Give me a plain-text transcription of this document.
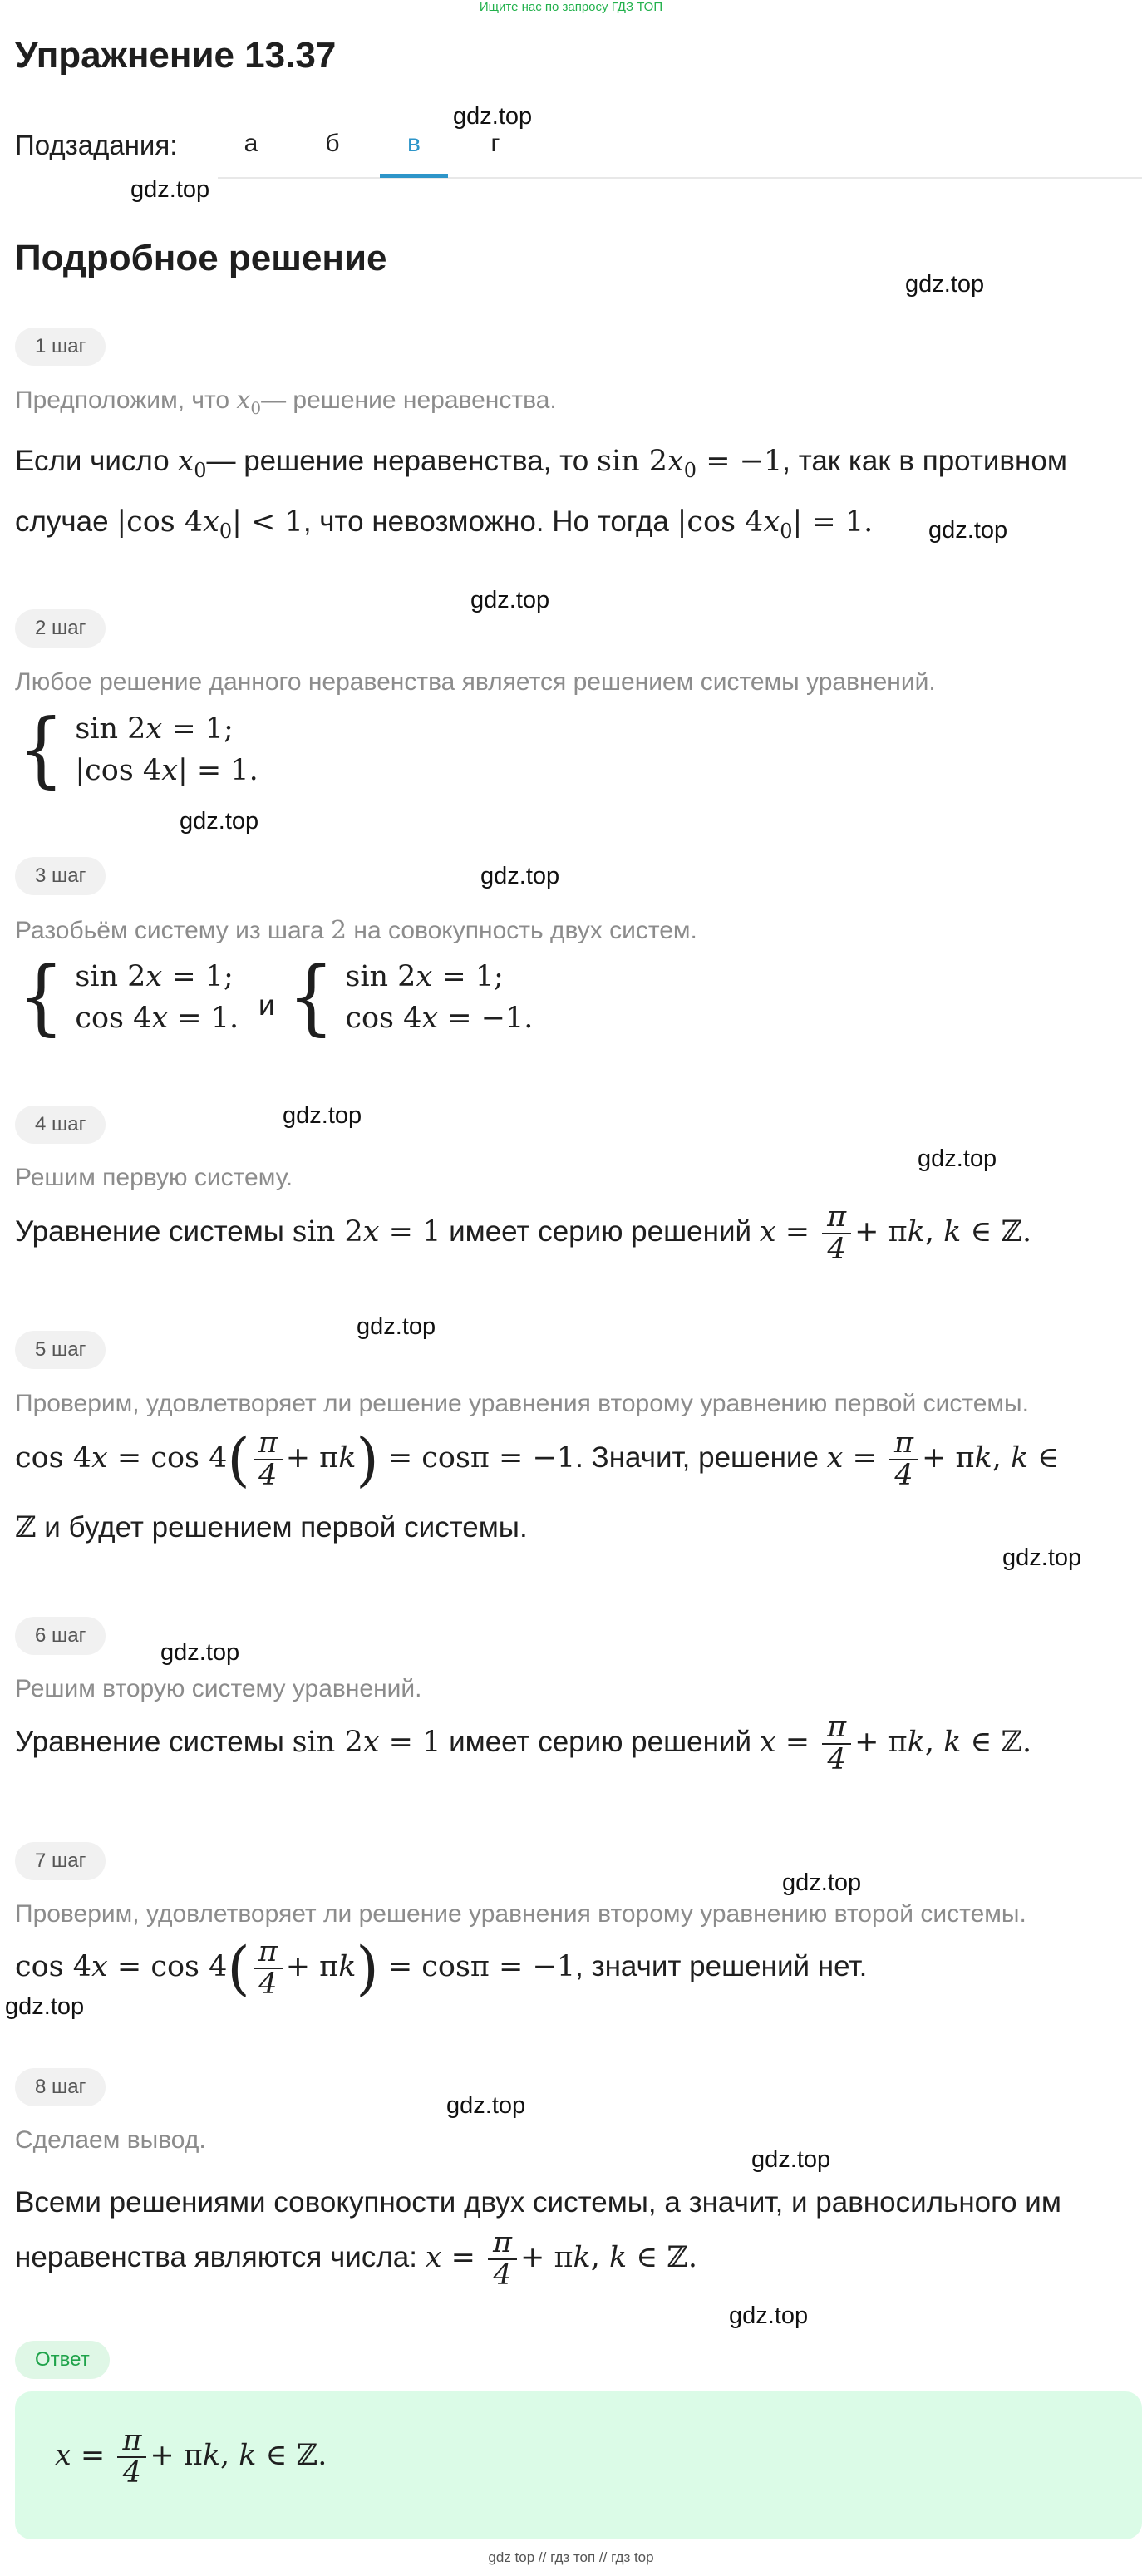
Ищите нас по запросу ГДЗ ТОП
Упражнение 13.37
Подзадания:	а	б	в	г
Подробное решение
gdz.top
gdz.top
gdz.top
gdz.top
gdz.top
gdz.top
gdz.top
gdz.top
gdz.top
gdz.top
gdz.top
gdz.top
gdz.top
gdz.top
gdz.top
gdz.top
gdz.top
1 шаг
Предположим, что $x_0—$ решение неравенства.
Если число $x_0—$ решение неравенства, то $\sin 2x_0 = -1$, так как в противном
случае |cos $4x_0| < 1$, что невозможно. Но тогда |cos $4x_0| = 1$.
2 шаг
Любое решение данного неравенства является решением системы уравнений.
{ sin 2x = 1;
|cos 4x| = 1.
3 шаг
Разобьём систему из шага 2 на совокупность двух систем.
{ sin 2x = 1;
cos 4x = 1. и { sin 2x = 1;
cos 4x = −1.
4 шаг
Решим первую систему.
Уравнение системы sin 2x = 1 имеет серию решений $x = \frac{\pi}{4} + \pi k$, k ∈ ℤ.
5 шаг
Проверим, удовлетворяет ли решение уравнения второму уравнению первой системы.
$\cos 4x = \cos 4( \frac{\pi}{4} + \pi k) = \cos\pi = -1$. Значит, решение $x = \frac{\pi}{4} + \pi k$, k ∈
ℤ и будет решением первой системы.
6 шаг
Решим вторую систему уравнений.
Уравнение системы sin 2x = 1 имеет серию решений $x = \frac{\pi}{4} + \pi k$, k ∈ ℤ.
7 шаг
Проверим, удовлетворяет ли решение уравнения второму уравнению второй системы.
$\cos 4x = \cos 4( \frac{\pi}{4} + \pi k) = \cos\pi = -1$, значит решений нет.
8 шаг
Сделаем вывод.
Всеми решениями совокупности двух системы, а значит, и равносильного им
неравенства являются числа: $x = \frac{\pi}{4} + \pi k$, k ∈ ℤ.
Ответ
$x = \frac{\pi}{4} + \pi k$, k ∈ ℤ.
gdz top // гдз топ // гдз top
